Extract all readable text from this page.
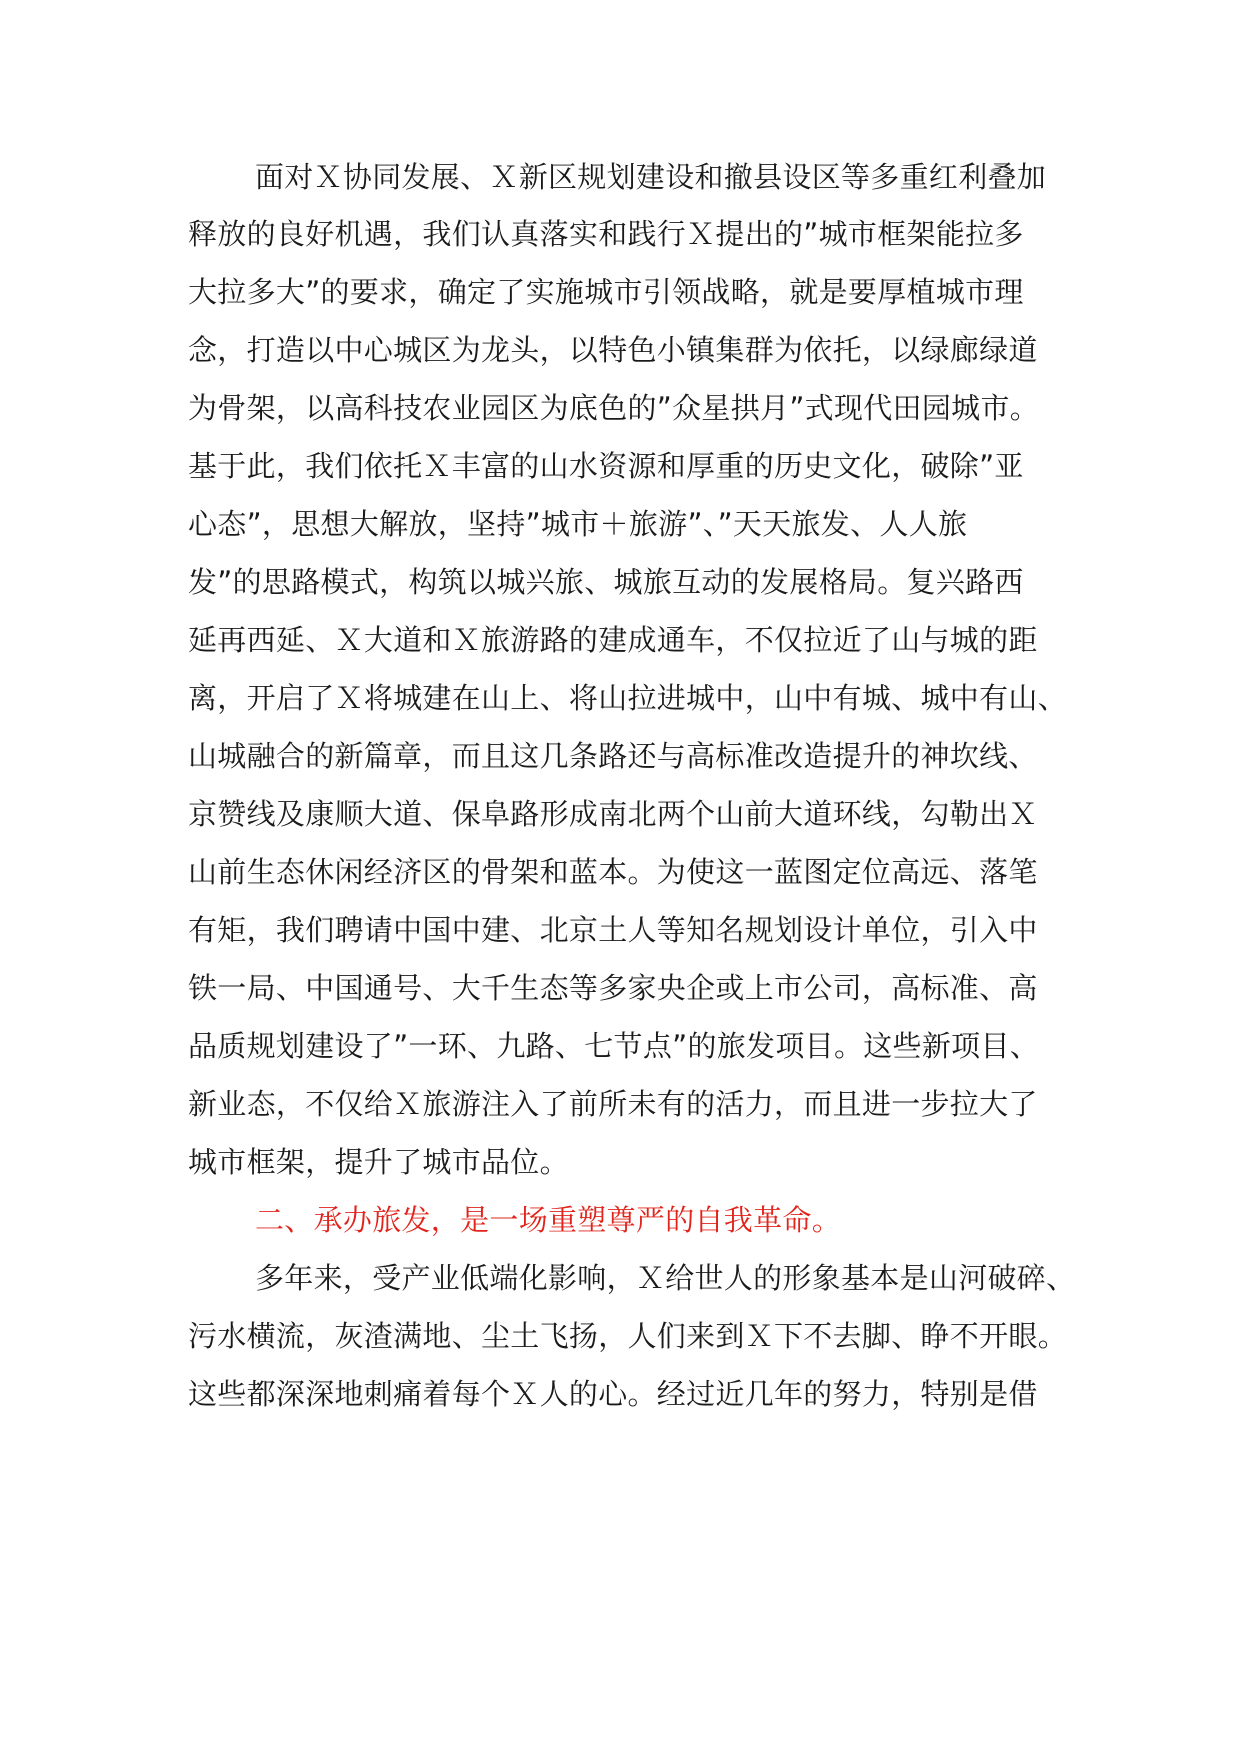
面对Ｘ协同发展、Ｘ新区规划建设和撤县设区等多重红利叠加
释放的良好机遇，我们认真落实和践行Ｘ提出的”城市框架能拉多
大拉多大”的要求，确定了实施城市引领战略，就是要厚植城市理
念，打造以中心城区为龙头，以特色小镇集群为依托，以绿廊绿道
为骨架，以高科技农业园区为底色的”众星拱月”式现代田园城市。
基于此，我们依托Ｘ丰富的山水资源和厚重的历史文化，破除”亚
心态”，思想大解放，坚持”城市＋旅游”、”天天旅发、人人旅
发”的思路模式，构筑以城兴旅、城旅互动的发展格局。复兴路西
延再西延、Ｘ大道和Ｘ旅游路的建成通车，不仅拉近了山与城的距
离，开启了Ｘ将城建在山上、将山拉进城中，山中有城、城中有山、
山城融合的新篇章，而且这几条路还与高标准改造提升的神坎线、
京赞线及康顺大道、保阜路形成南北两个山前大道环线，勾勒出Ｘ
山前生态休闲经济区的骨架和蓝本。为使这一蓝图定位高远、落笔
有矩，我们聘请中国中建、北京土人等知名规划设计单位，引入中
铁一局、中国通号、大千生态等多家央企或上市公司，高标准、高
品质规划建设了”一环、九路、七节点”的旅发项目。这些新项目、
新业态，不仅给Ｘ旅游注入了前所未有的活力，而且进一步拉大了
城市框架，提升了城市品位。
二、承办旅发，是一场重塑尊严的自我革命。
多年来，受产业低端化影响，Ｘ给世人的形象基本是山河破碎、
污水横流，灰渣满地、尘土飞扬，人们来到Ｘ下不去脚、睁不开眼。
这些都深深地刺痛着每个Ｘ人的心。经过近几年的努力，特别是借
